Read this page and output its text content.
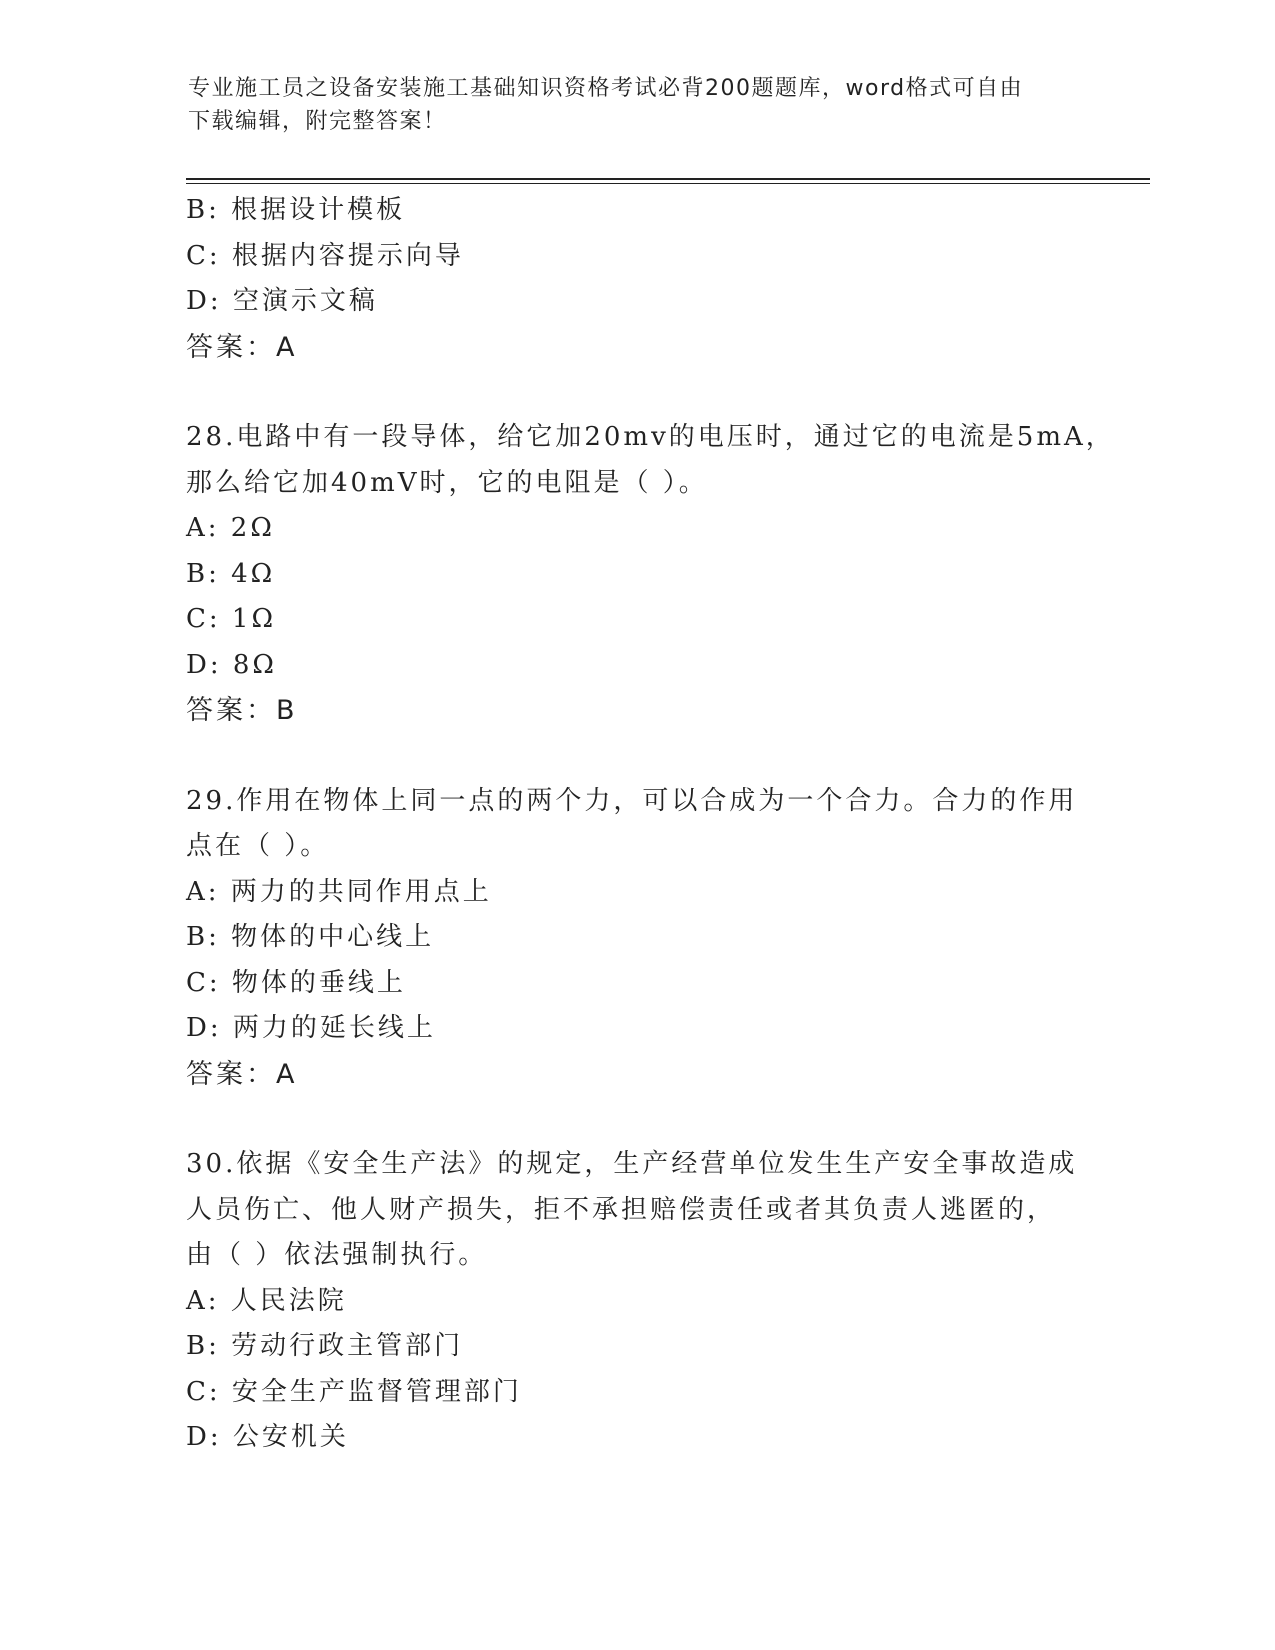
专业施工员之设备安装施工基础知识资格考试必背200题题库，word格式可自由
下载编辑，附完整答案！
B: 根据设计模板
C: 根据内容提示向导
D: 空演示文稿
答案：A
28.电路中有一段导体，给它加20mv的电压时，通过它的电流是5mA，
那么给它加40mV时，它的电阻是（ ）。
A: 2Ω
B: 4Ω
C: 1Ω
D: 8Ω
答案：B
29.作用在物体上同一点的两个力，可以合成为一个合力。合力的作用
点在（ ）。
A: 两力的共同作用点上
B: 物体的中心线上
C: 物体的垂线上
D: 两力的延长线上
答案：A
30.依据《安全生产法》的规定，生产经营单位发生生产安全事故造成
人员伤亡、他人财产损失，拒不承担赔偿责任或者其负责人逃匿的，
由（ ）依法强制执行。
A: 人民法院
B: 劳动行政主管部门
C: 安全生产监督管理部门
D: 公安机关
